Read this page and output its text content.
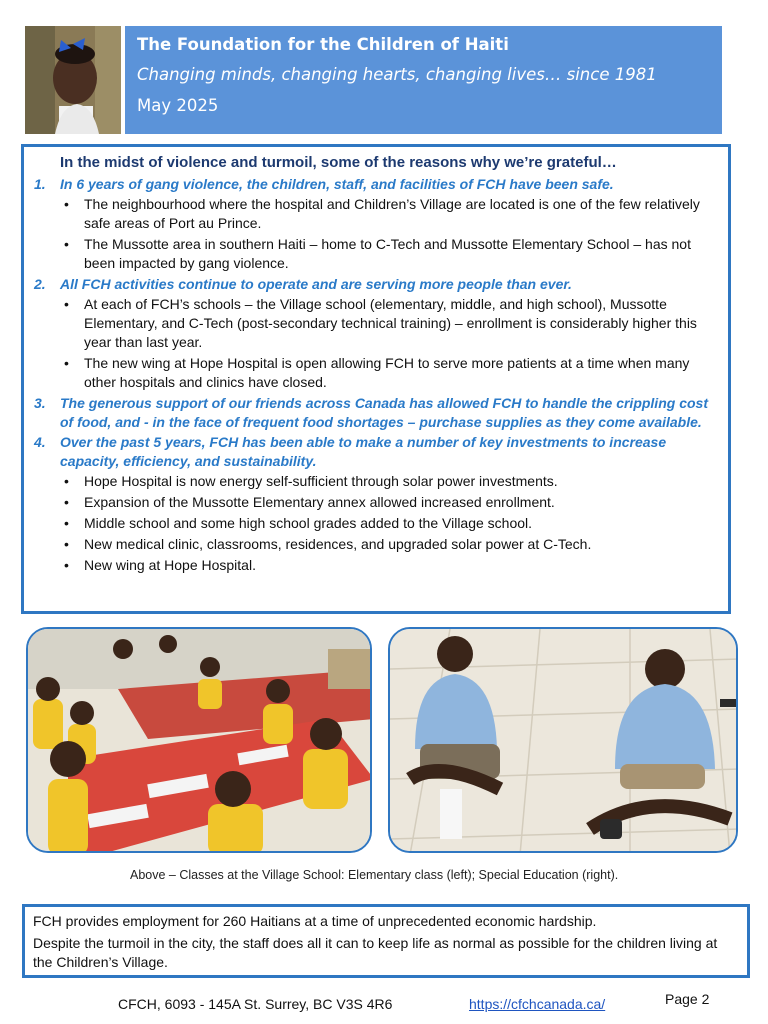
The Foundation for the Children of Haiti
Changing minds, changing hearts, changing lives… since 1981
May 2025
In the midst of violence and turmoil, some of the reasons why we’re grateful…
1.	In 6 years of gang violence, the children, staff, and facilities of FCH have been safe.
•	The neighbourhood where the hospital and Children’s Village are located is one of the few relatively safe areas of Port au Prince.
•	The Mussotte area in southern Haiti – home to C-Tech and Mussotte Elementary School – has not been impacted by gang violence.
2.	All FCH activities continue to operate and are serving more people than ever.
•	At each of FCH’s schools – the Village school (elementary, middle, and high school), Mussotte Elementary, and C-Tech (post-secondary technical training) – enrollment is considerably higher this year than last year.
•	The new wing at Hope Hospital is open allowing FCH to serve more patients at a time when many other hospitals and clinics have closed.
3.	The generous support of our friends across Canada has allowed FCH to handle the crippling cost of food, and - in the face of frequent food shortages – purchase supplies as they come available.
4.	Over the past 5 years, FCH has been able to make a number of key investments to increase capacity, efficiency, and sustainability.
•	Hope Hospital is now energy self-sufficient through solar power investments.
•	Expansion of the Mussotte Elementary annex allowed increased enrollment.
•	Middle school and some high school grades added to the Village school.
•	New medical clinic, classrooms, residences, and upgraded solar power at C-Tech.
•	New wing at Hope Hospital.
Above – Classes at the Village School: Elementary class (left); Special Education (right).

FCH provides employment for 260 Haitians at a time of unprecedented economic hardship.

Despite the turmoil in the city, the staff does all it can to keep life as normal as possible for the children living at the Children’s Village.

CFCH, 6093 - 145A St. Surrey, BC V3S 4R6	https://cfchcanada.ca/	Page 2
